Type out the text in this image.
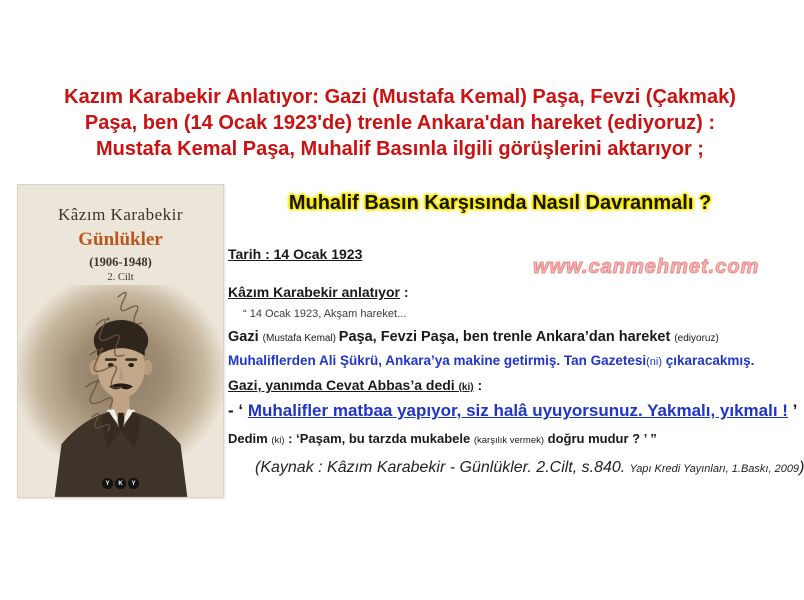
Kazım Karabekir Anlatıyor: Gazi (Mustafa Kemal) Paşa, Fevzi (Çakmak)
Paşa, ben (14 Ocak 1923'de) trenle Ankara'dan hareket (ediyoruz) :
Mustafa Kemal Paşa, Muhalif Basınla ilgili görüşlerini aktarıyor ;
Kâzım Karabekir
Günlükler
(1906-1948)
2. Cilt
Y	K	Y
Muhalif Basın Karşısında Nasıl Davranmalı ?
www.canmehmet.com
Tarih : 14 Ocak 1923
Kâzım Karabekir anlatıyor :
“ 14 Ocak 1923, Akşam hareket...
Gazi (Mustafa Kemal) Paşa, Fevzi Paşa, ben trenle Ankara’dan hareket (ediyoruz)
Muhaliflerden Ali Şükrü, Ankara’ya makine getirmiş. Tan Gazetesi(ni) çıkaracakmış.
Gazi, yanımda Cevat Abbas’a dedi (ki) :
- ‘ Muhalifler matbaa yapıyor, siz halâ uyuyorsunuz. Yakmalı, yıkmalı ! ’
Dedim (ki) : ‘Paşam, bu tarzda mukabele (karşılık vermek) doğru mudur ? ’ ”
(Kaynak : Kâzım Karabekir - Günlükler. 2.Cilt, s.840. Yapı Kredi Yayınları, 1.Baskı, 2009)
